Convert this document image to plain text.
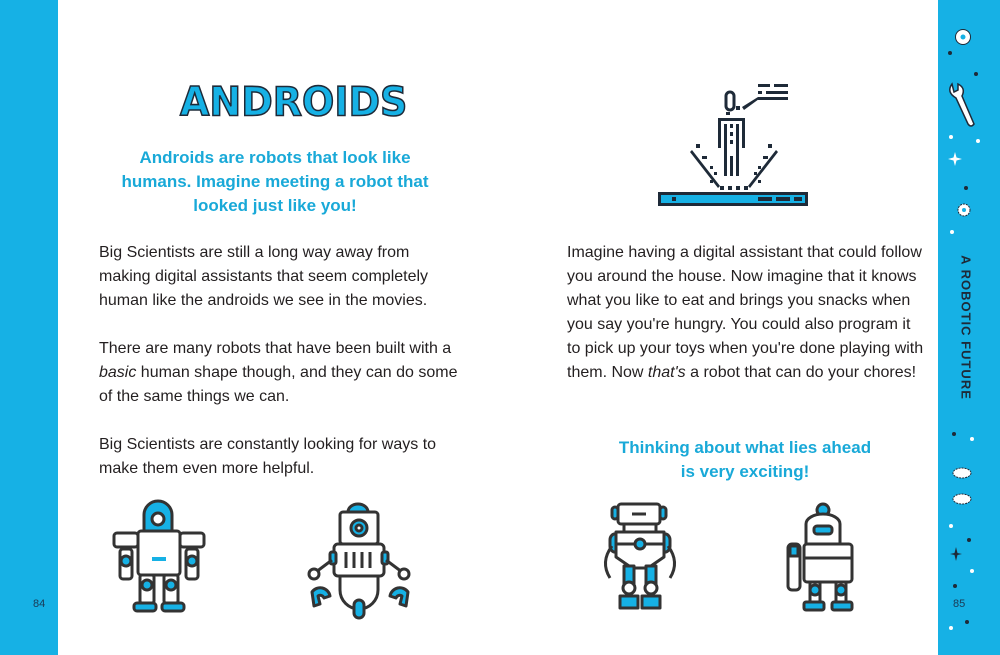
84	85
A ROBOTIC FUTURE
ANDROIDS
Androids are robots that look like
humans. Imagine meeting a robot that
looked just like you!

Big Scientists are still a long way away from making digital assistants that seem completely human like the androids we see in the movies.

There are many robots that have been built with a basic human shape though, and they can do some of the same things we can.

Big Scientists are constantly looking for ways to make them even more helpful.

Imagine having a digital assistant that could follow you around the house. Now imagine that it knows what you like to eat and brings you snacks when you say you're hungry. You could also program it to pick up your toys when you're done playing with them. Now that's a robot that can do your chores!

Thinking about what lies ahead
is very exciting!
